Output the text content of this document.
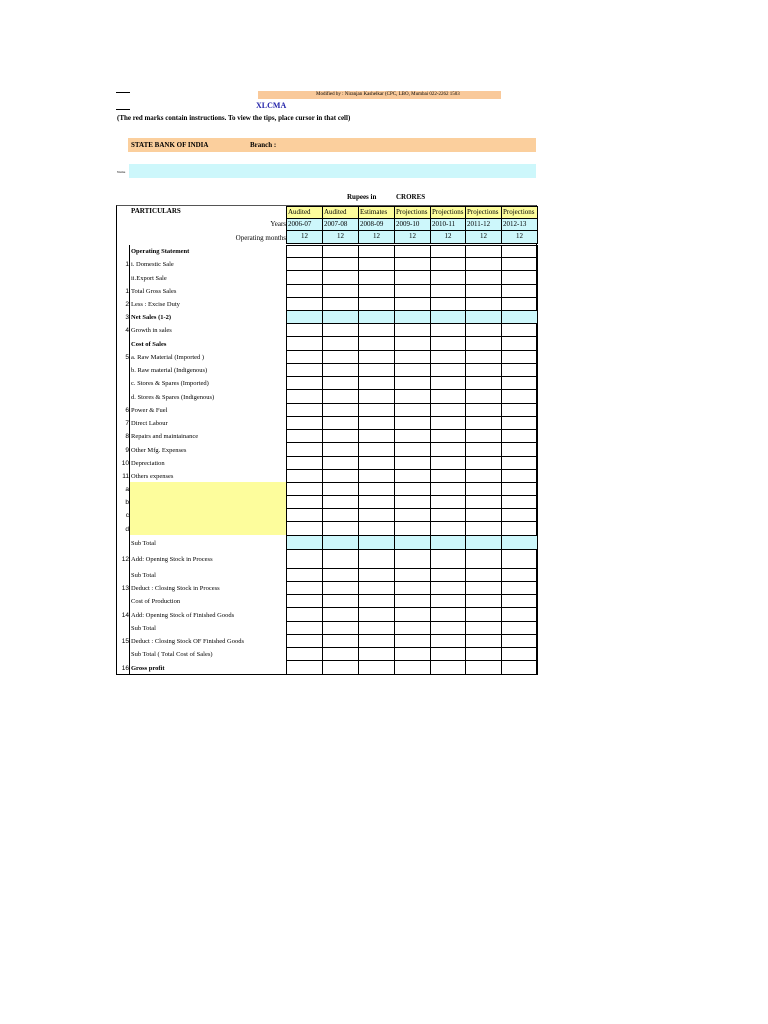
Modified by : Niranjan Kashelkar (CPC, LBO, Mumbai 022-2262 1503
XLCMA
(The red marks contain instructions. To view the tips, place cursor in that cell)
STATE BANK OF INDIA	Branch :
Name
Rupees in	CRORES
PARTICULARS
Years
Operating months
Audited
2006-07
12
Audited
2007-08
12
Estimates
2008-09
12
Projections
2009-10
12
Projections
2010-11
12
Projections
2011-12
12
Projections
2012-13
12
Operating Statement
1 i. Domestic Sale
ii.Export Sale
1 Total Gross Sales
2 Less : Excise Duty
3 Net Sales (1-2)
4 Growth in sales
Cost of Sales
5 a. Raw Material (Imported )
b. Raw material (Indigenous)
c. Stores & Spares (Imported)
d. Stores & Spares (Indigenous)
6 Power & Fuel
7 Direct Labour
8 Repairs and maintainance
9 Other Mfg. Expenses
10 Depreciation
11 Others expenses
a
b
c
d
Sub Total
12 Add: Opening Stock in Process
Sub Total
13 Deduct : Closing Stock in Process
Cost of Production
14 Add: Opening Stock of Finished Goods
Sub Total
15 Deduct : Closing Stock OF Finished Goods
Sub Total ( Total Cost of Sales)
16 Gross profit
